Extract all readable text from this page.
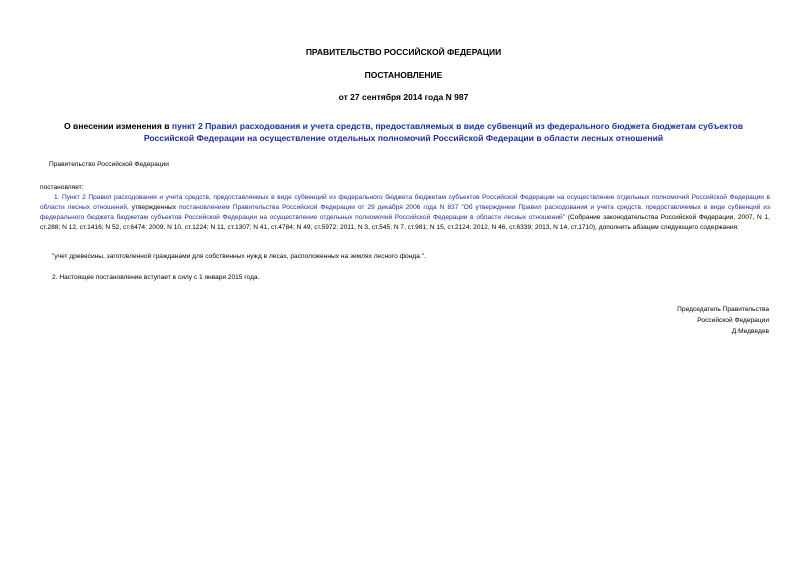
ПРАВИТЕЛЬСТВО РОССИЙСКОЙ ФЕДЕРАЦИИ
ПОСТАНОВЛЕНИЕ
от 27 сентября 2014 года N 987
О внесении изменения в пункт 2 Правил расходования и учета средств, предоставляемых в виде субвенций из федерального бюджета бюджетам субъектов Российской Федерации на осуществление отдельных полномочий Российской Федерации в области лесных отношений
Правительство Российской Федерации
постановляет:
1. Пункт 2 Правил расходования и учета средств, предоставляемых в виде субвенций из федерального бюджета бюджетам субъектов Российской Федерации на осуществление отдельных полномочий Российской Федерации в области лесных отношений, утвержденных постановлением Правительства Российской Федерации от 29 декабря 2006 года N 837 "Об утверждении Правил расходования и учета средств, предоставляемых в виде субвенций из федерального бюджета бюджетам субъектов Российской Федерации на осуществление отдельных полномочий Российской Федерации в области лесных отношений" (Собрание законодательства Российской Федерации, 2007, N 1, ст.288; N 12, ст.1416; N 52, ст.6474; 2009, N 10, ст.1224; N 11, ст.1307; N 41, ст.4784; N 49, ст.5972; 2011, N 3, ст.545; N 7, ст.981; N 15, ст.2124; 2012, N 46, ст.6339; 2013, N 14, ст.1710), дополнить абзацем следующего содержания:
"учет древесины, заготовленной гражданами для собственных нужд в лесах, расположенных на землях лесного фонда.".
2. Настоящее постановление вступает в силу с 1 января 2015 года.
Председатель Правительства
Российской Федерации
Д.Медведев
